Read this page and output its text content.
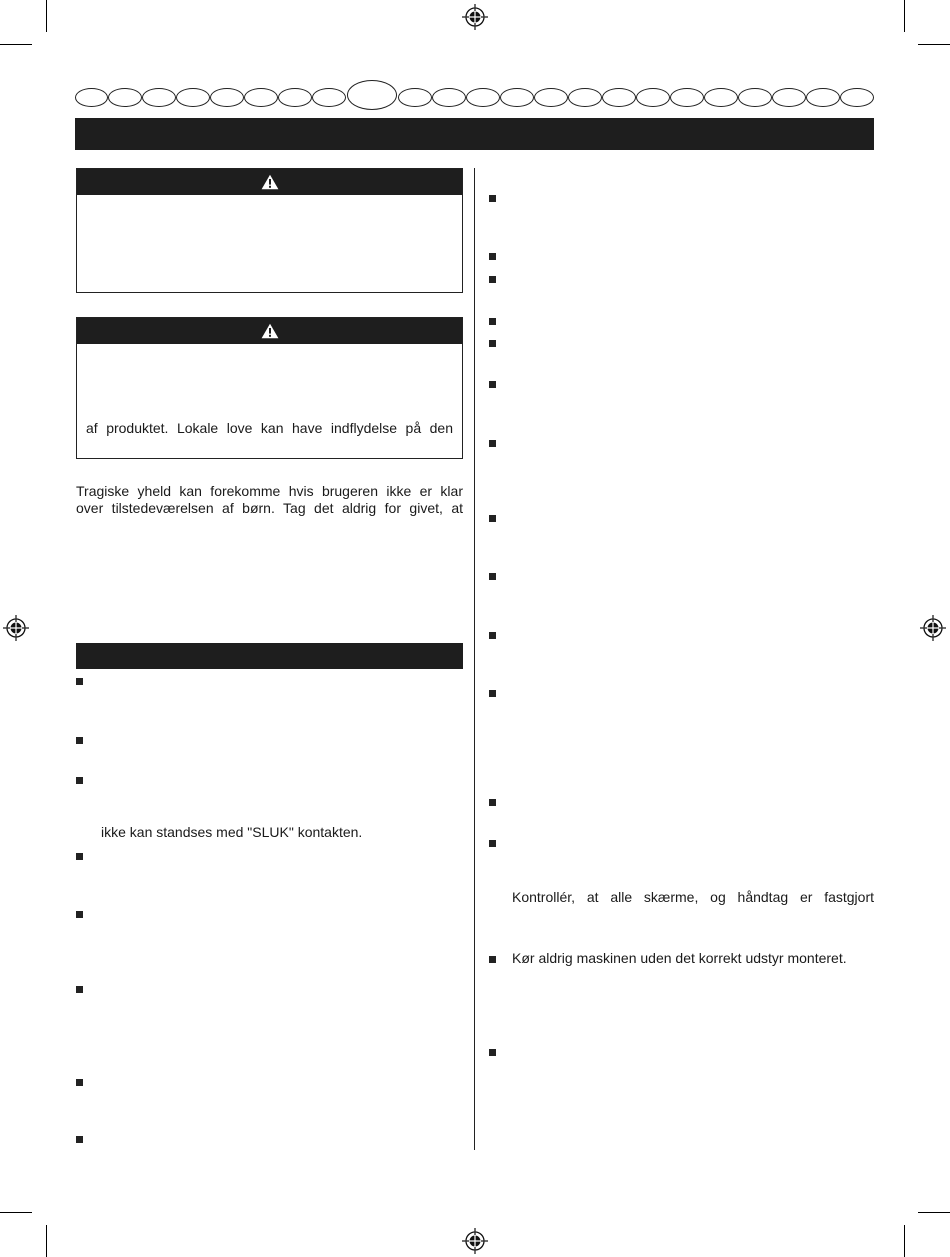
af produktet. Lokale love kan have indflydelse på den
Tragiske yheld kan forekomme hvis brugeren ikke er klar
over tilstedeværelsen af børn. Tag det aldrig for givet, at
ikke kan standses med "SLUK" kontakten.
Kontrollér, at alle skærme, og håndtag er fastgjort
Kør aldrig maskinen uden det korrekt udstyr monteret.
